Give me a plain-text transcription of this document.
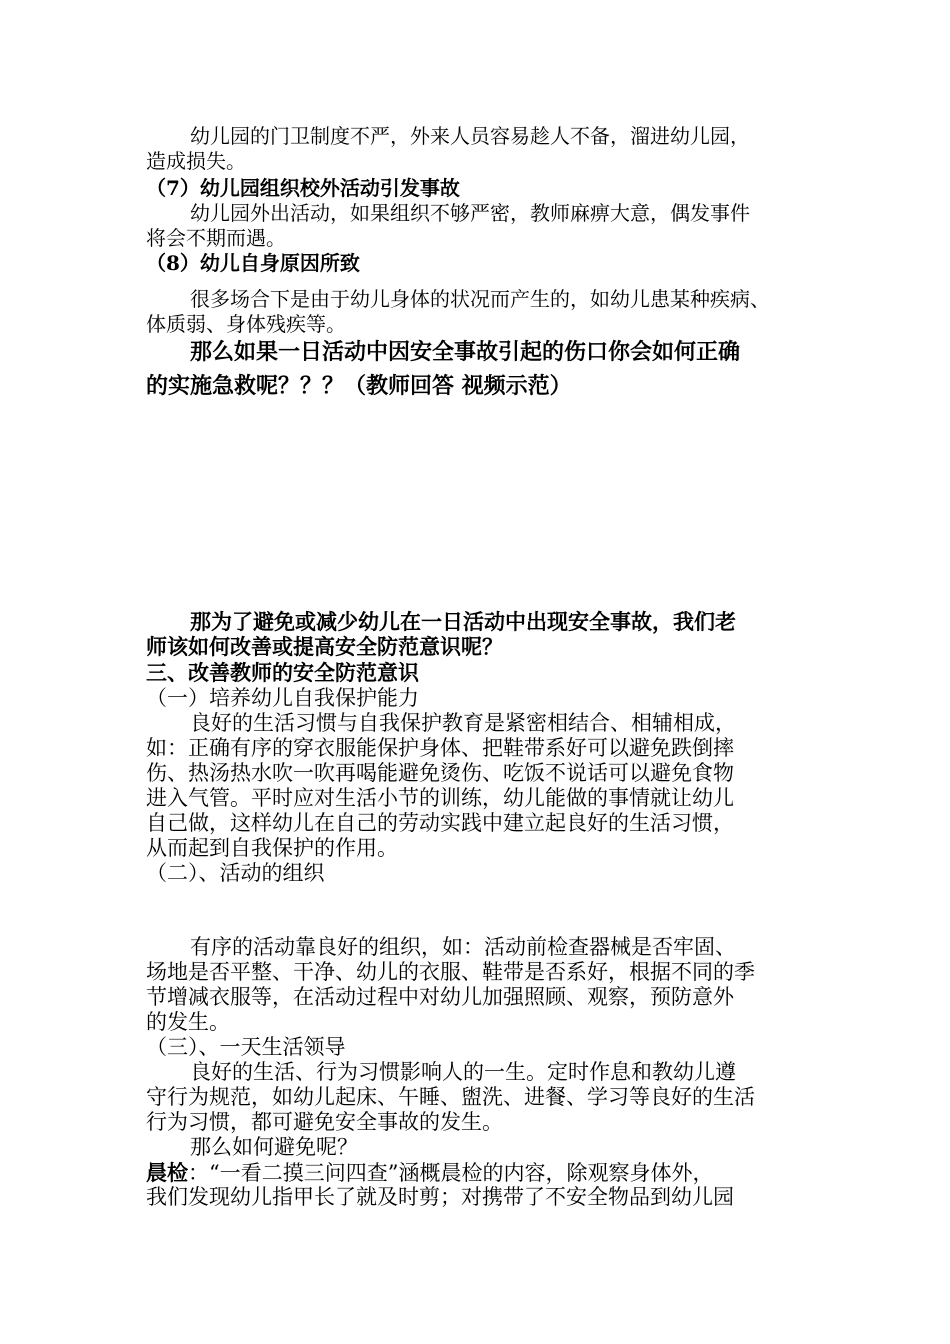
幼儿园的门卫制度不严，外来人员容易趁人不备，溜进幼儿园，
造成损失。
（7）幼儿园组织校外活动引发事故
幼儿园外出活动，如果组织不够严密，教师麻痹大意，偶发事件
将会不期而遇。
（8）幼儿自身原因所致
很多场合下是由于幼儿身体的状况而产生的，如幼儿患某种疾病、
体质弱、身体残疾等。
那么如果一日活动中因安全事故引起的伤口你会如何正确
的实施急救呢？？？（教师回答 视频示范）
那为了避免或减少幼儿在一日活动中出现安全事故，我们老
师该如何改善或提高安全防范意识呢？
三、改善教师的安全防范意识
（一）培养幼儿自我保护能力
良好的生活习惯与自我保护教育是紧密相结合、相辅相成，
如：正确有序的穿衣服能保护身体、把鞋带系好可以避免跌倒摔
伤、热汤热水吹一吹再喝能避免烫伤、吃饭不说话可以避免食物
进入气管。平时应对生活小节的训练，幼儿能做的事情就让幼儿
自己做，这样幼儿在自己的劳动实践中建立起良好的生活习惯，
从而起到自我保护的作用。
（二）、活动的组织
有序的活动靠良好的组织，如：活动前检查器械是否牢固、
场地是否平整、干净、幼儿的衣服、鞋带是否系好，根据不同的季
节增减衣服等，在活动过程中对幼儿加强照顾、观察，预防意外
的发生。
（三）、一天生活领导
良好的生活、行为习惯影响人的一生。定时作息和教幼儿遵
守行为规范，如幼儿起床、午睡、盥洗、进餐、学习等良好的生活
行为习惯，都可避免安全事故的发生。
那么如何避免呢？
晨检：“一看二摸三问四查”涵概晨检的内容，除观察身体外，
我们发现幼儿指甲长了就及时剪；对携带了不安全物品到幼儿园
